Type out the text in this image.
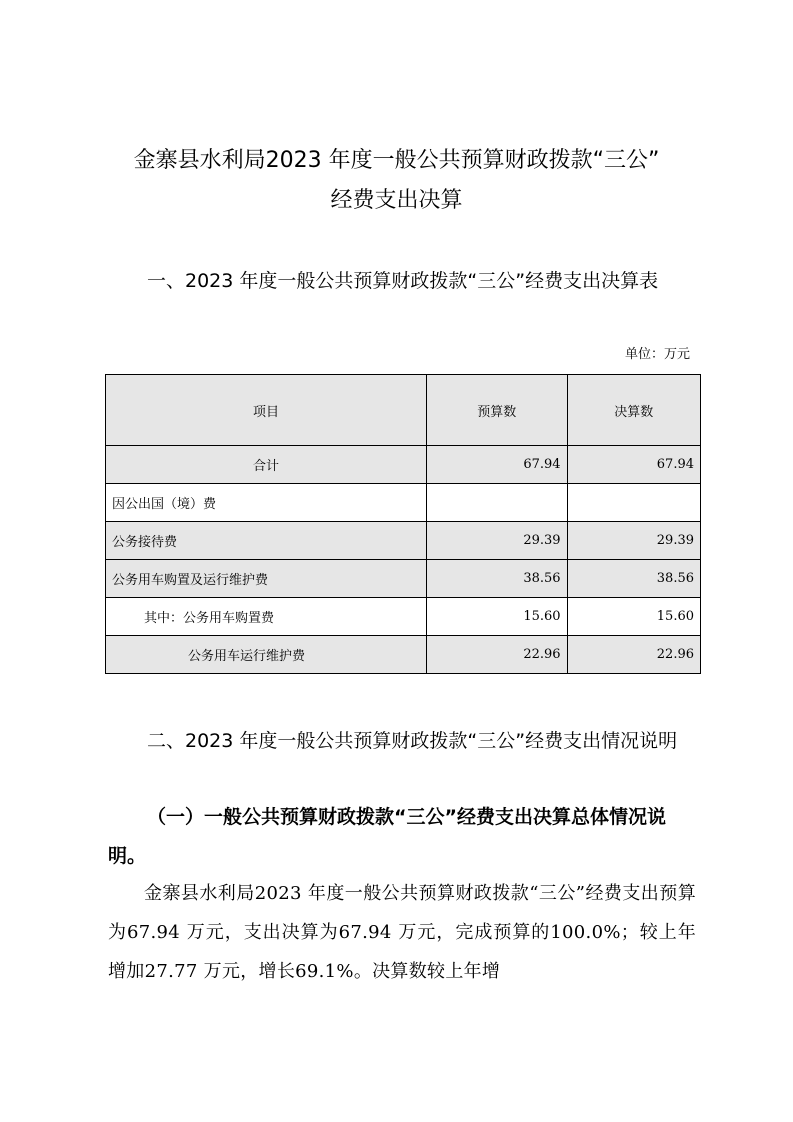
金寨县水利局2023 年度一般公共预算财政拨款“三公”
经费支出决算
一、2023 年度一般公共预算财政拨款“三公”经费支出决算表
单位：万元
项目	预算数	决算数
合计	67.94	67.94
因公出国（境）费		
公务接待费	29.39	29.39
公务用车购置及运行维护费	38.56	38.56
其中：公务用车购置费	15.60	15.60
公务用车运行维护费	22.96	22.96
二、2023 年度一般公共预算财政拨款“三公”经费支出情况说明
（一）一般公共预算财政拨款“三公”经费支出决算总体情况说明。
金寨县水利局2023 年度一般公共预算财政拨款“三公”经费支出预算为67.94 万元，支出决算为67.94 万元，完成预算的100.0%；较上年增加27.77 万元，增长69.1%。决算数较上年增
